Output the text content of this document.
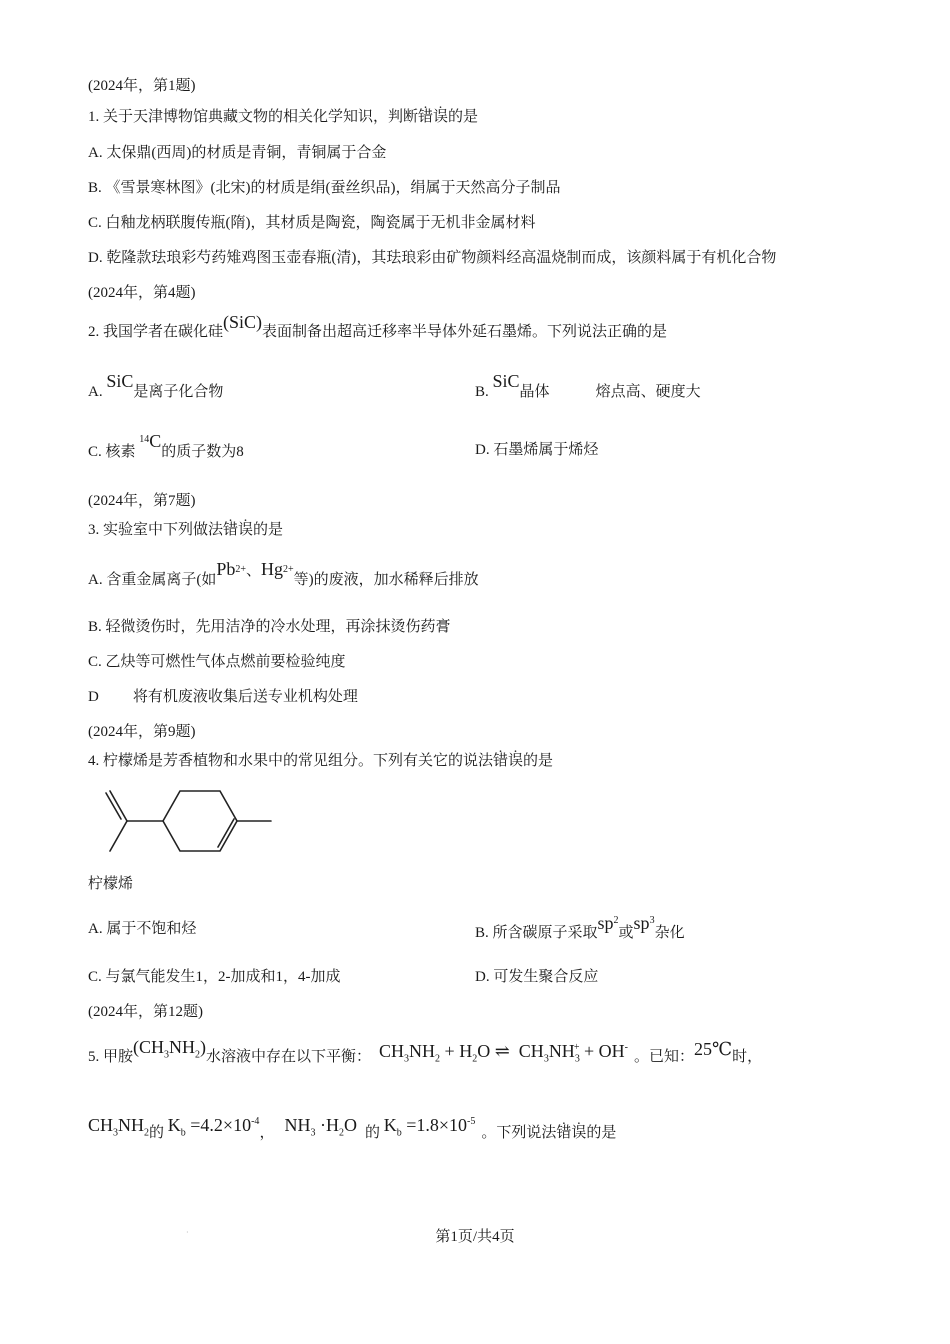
(2024年，第1题)
1. 关于天津博物馆典藏文物的相关化学知识，判断错误的是
A. 太保鼎(西周)的材质是青铜，青铜属于合金
B. 《雪景寒林图》(北宋)的材质是绢(蚕丝织品)，绢属于天然高分子制品
C. 白釉龙柄联腹传瓶(隋)，其材质是陶瓷，陶瓷属于无机非金属材料
D. 乾隆款珐琅彩芍药雉鸡图玉壶春瓶(清)，其珐琅彩由矿物颜料经高温烧制而成，该颜料属于有机化合物
(2024年，第4题)
2. 我国学者在碳化硅(SiC)表面制备出超高迁移率半导体外延石墨烯。下列说法正确的是
A. SiC是离子化合物	B. SiC晶体	熔点高、硬度大
C. 核素 $^{14}$C的质子数为8	D. 石墨烯属于烯烃
(2024年，第7题)
3. 实验室中下列做法错误的是
A. 含重金属离子(如$Pb^{2+}$、$Hg^{2+}$等)的废液，加水稀释后排放
B. 轻微烫伤时，先用洁净的冷水处理，再涂抹烫伤药膏
C. 乙炔等可燃性气体点燃前要检验纯度
D 将有机废液收集后送专业机构处理
(2024年，第9题)
4. 柠檬烯是芳香植物和水果中的常见组分。下列有关它的说法错误的是
柠檬烯
A. 属于不饱和烃	B. 所含碳原子采取$sp^2$或$sp^3$杂化
C. 与氯气能发生1，2-加成和1，4-加成	D. 可发生聚合反应
(2024年，第12题)
5. 甲胺$(CH_3NH_2)$水溶液中存在以下平衡： $CH_3NH_2 + H_2O$ ⇌ $CH_3NH_3^+ + OH^-$。已知：25℃时，
$CH_3NH_2$的 $K_b =4.2\times 10^{-4}$， $NH_3 \cdot H_2O$ 的 $K_b =1.8\times 10^{-5}$。下列说法错误的是
·	第1页/共4页
